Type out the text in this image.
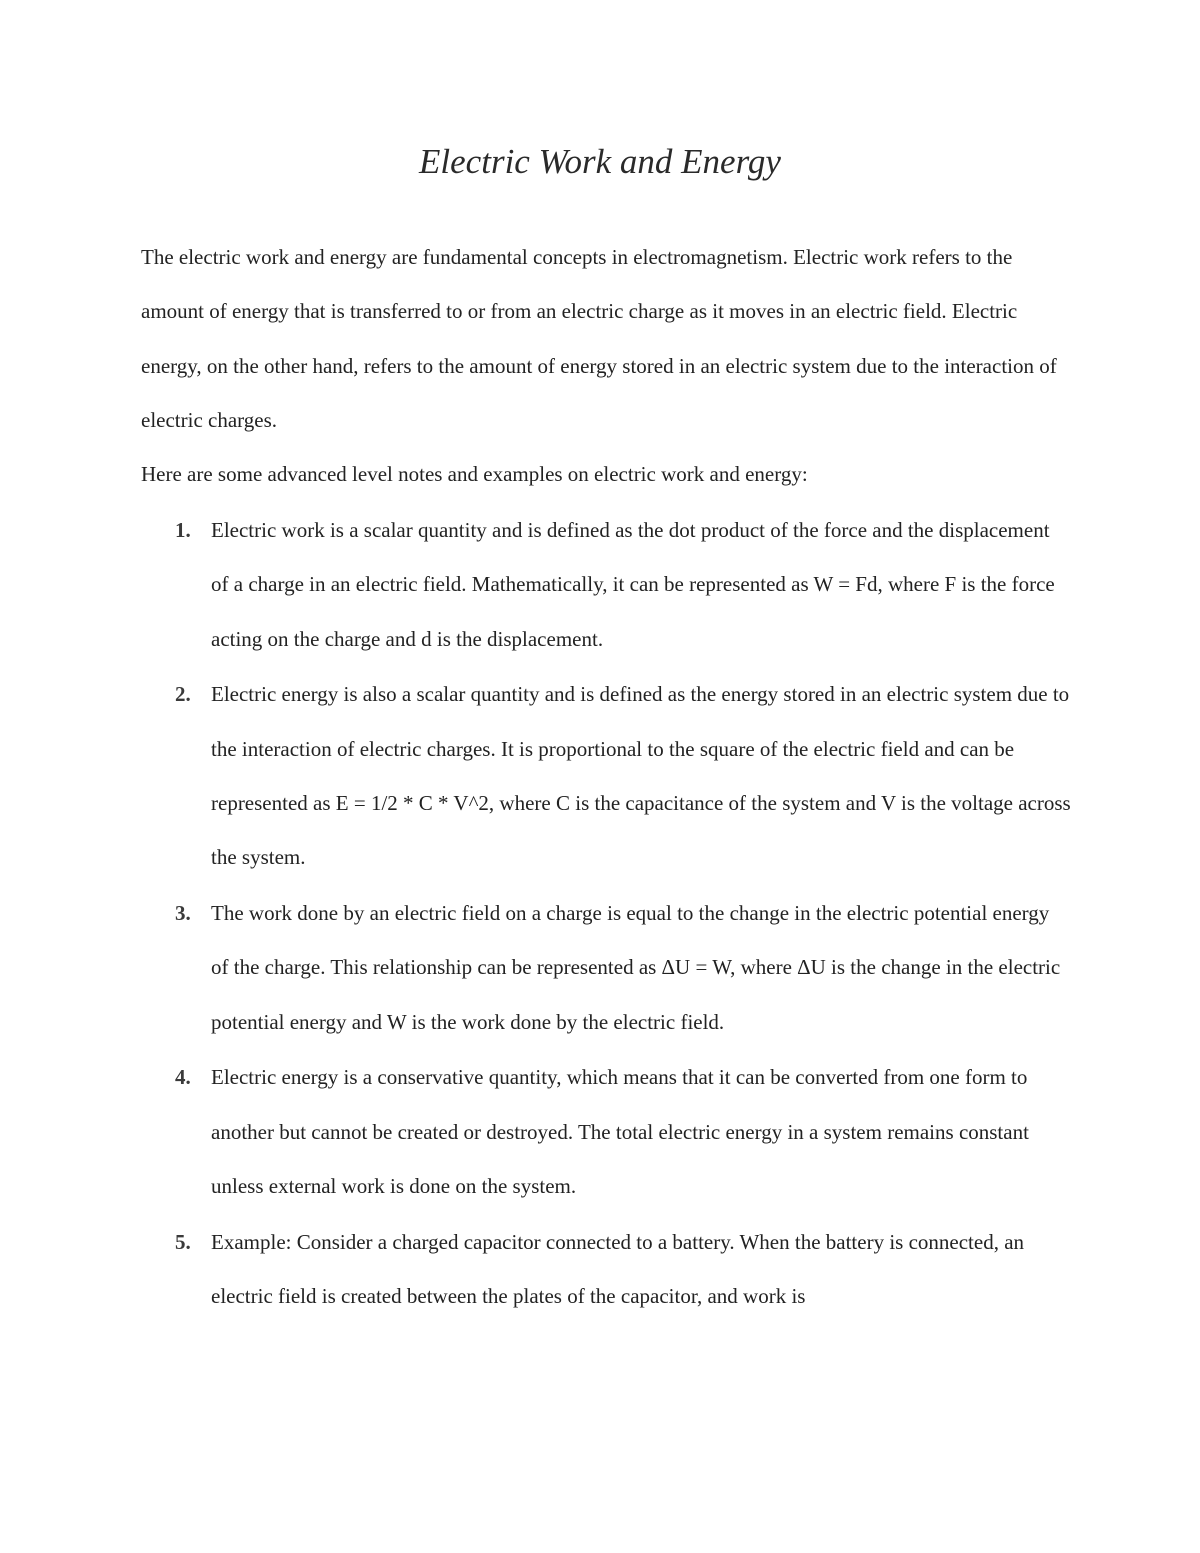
Electric Work and Energy

The electric work and energy are fundamental concepts in electromagnetism. Electric work refers to the amount of energy that is transferred to or from an electric charge as it moves in an electric field. Electric energy, on the other hand, refers to the amount of energy stored in an electric system due to the interaction of electric charges.

Here are some advanced level notes and examples on electric work and energy:

1. Electric work is a scalar quantity and is defined as the dot product of the force and the displacement of a charge in an electric field. Mathematically, it can be represented as W = Fd, where F is the force acting on the charge and d is the displacement.
2. Electric energy is also a scalar quantity and is defined as the energy stored in an electric system due to the interaction of electric charges. It is proportional to the square of the electric field and can be represented as E = 1/2 * C * V^2, where C is the capacitance of the system and V is the voltage across the system.
3. The work done by an electric field on a charge is equal to the change in the electric potential energy of the charge. This relationship can be represented as ΔU = W, where ΔU is the change in the electric potential energy and W is the work done by the electric field.
4. Electric energy is a conservative quantity, which means that it can be converted from one form to another but cannot be created or destroyed. The total electric energy in a system remains constant unless external work is done on the system.
5. Example: Consider a charged capacitor connected to a battery. When the battery is connected, an electric field is created between the plates of the capacitor, and work is
